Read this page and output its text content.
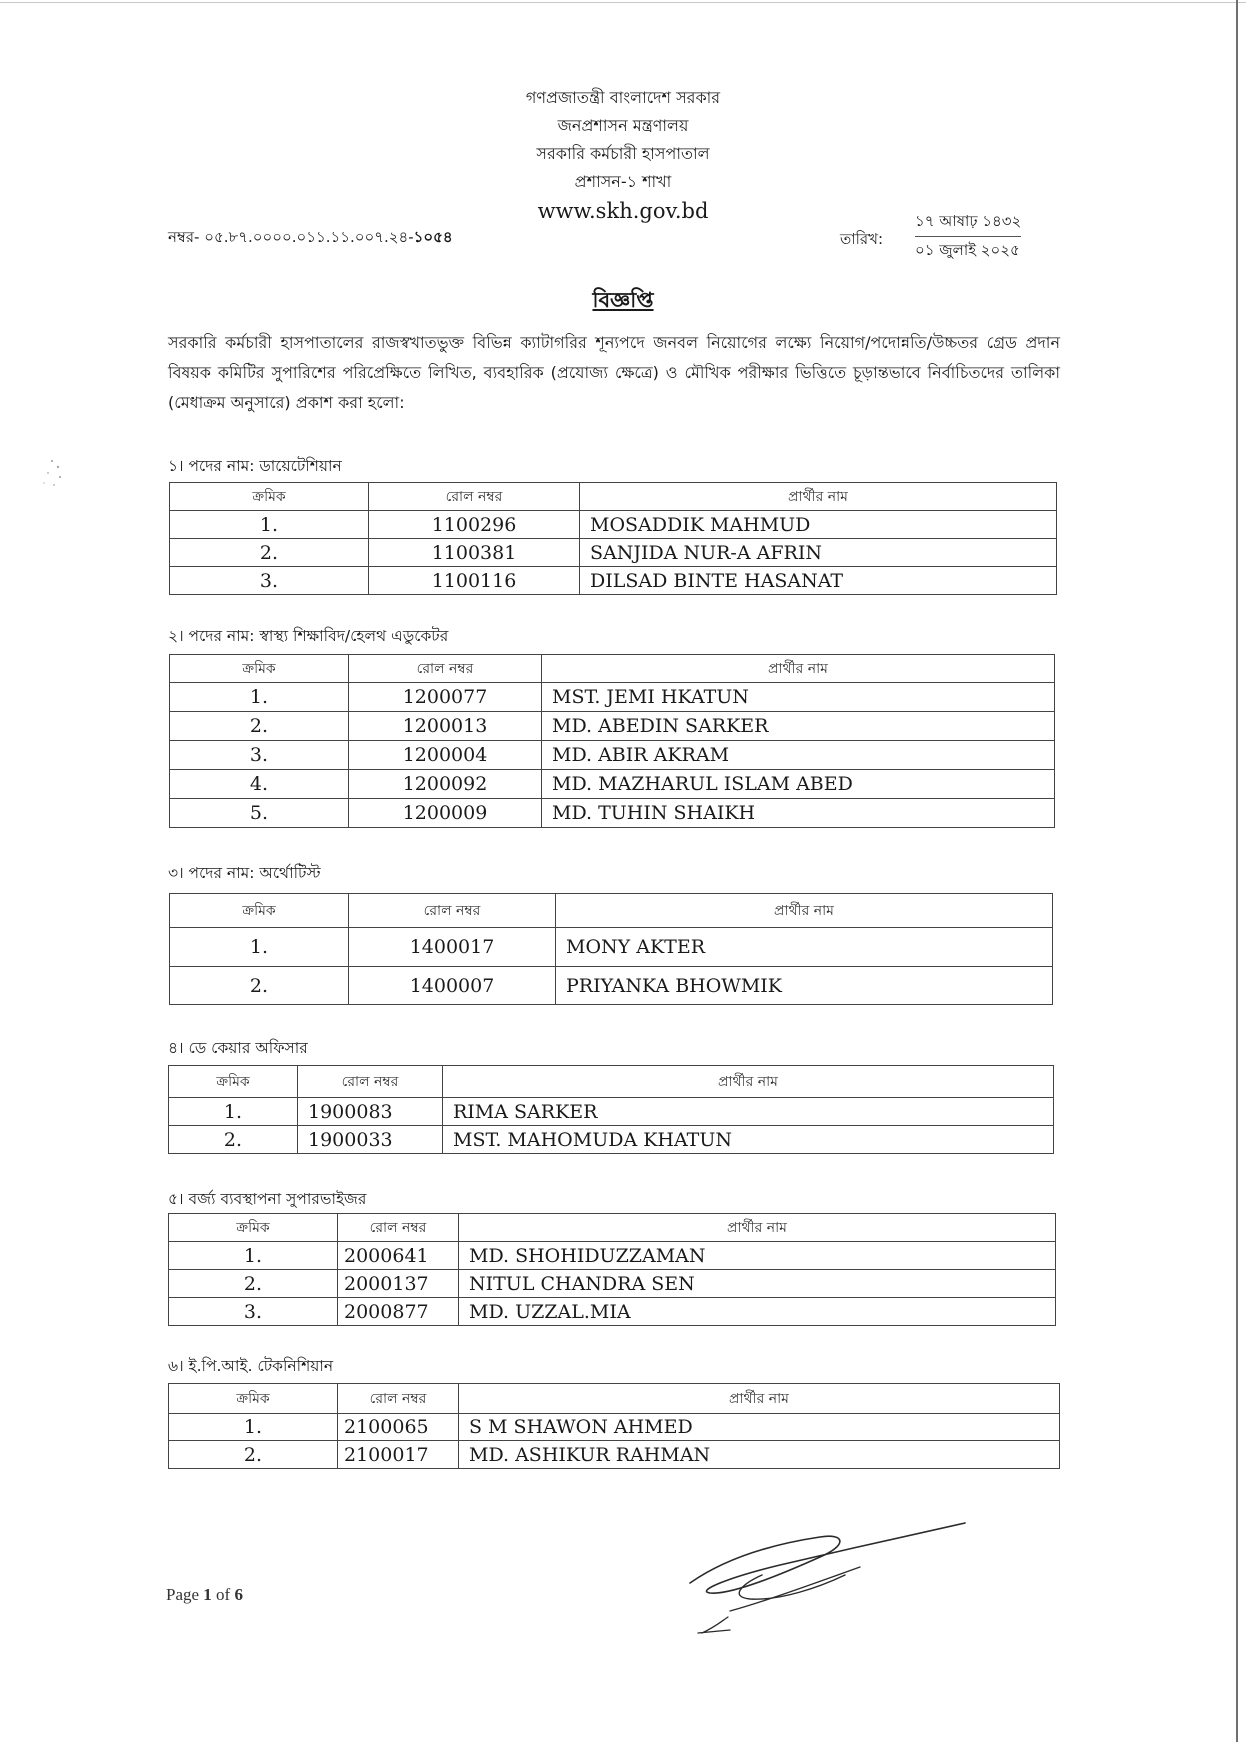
গণপ্রজাতন্ত্রী বাংলাদেশ সরকার

জনপ্রশাসন মন্ত্রণালয়

সরকারি কর্মচারী হাসপাতাল

প্রশাসন-১ শাখা

www.skh.gov.bd

নম্বর- ০৫.৮৭.০০০০.০১১.১১.০০৭.২৪-১০৫৪	তারিখ:
১৭ আষাঢ় ১৪৩২
০১ জুলাই ২০২৫
বিজ্ঞপ্তি
সরকারি কর্মচারী হাসপাতালের রাজস্বখাতভুক্ত বিভিন্ন ক্যাটাগরির শূন্যপদে জনবল নিয়োগের লক্ষ্যে নিয়োগ/পদোন্নতি/উচ্চতর গ্রেড প্রদান বিষয়ক কমিটির সুপারিশের পরিপ্রেক্ষিতে লিখিত, ব্যবহারিক (প্রযোজ্য ক্ষেত্রে) ও মৌখিক পরীক্ষার ভিত্তিতে চূড়ান্তভাবে নির্বাচিতদের তালিকা (মেধাক্রম অনুসারে) প্রকাশ করা হলো:
১। পদের নাম: ডায়েটেশিয়ান
ক্রমিক	রোল নম্বর	প্রার্থীর নাম
1.	1100296	MOSADDIK MAHMUD
2.	1100381	SANJIDA NUR-A AFRIN
3.	1100116	DILSAD BINTE HASANAT
২। পদের নাম: স্বাস্থ্য শিক্ষাবিদ/হেলথ এডুকেটর
ক্রমিক	রোল নম্বর	প্রার্থীর নাম
1.	1200077	MST. JEMI HKATUN
2.	1200013	MD. ABEDIN SARKER
3.	1200004	MD. ABIR AKRAM
4.	1200092	MD. MAZHARUL ISLAM ABED
5.	1200009	MD. TUHIN SHAIKH
৩। পদের নাম: অর্থোটিস্ট
ক্রমিক	রোল নম্বর	প্রার্থীর নাম
1.	1400017	MONY AKTER
2.	1400007	PRIYANKA BHOWMIK
৪। ডে কেয়ার অফিসার
ক্রমিক	রোল নম্বর	প্রার্থীর নাম
1.	1900083	RIMA SARKER
2.	1900033	MST. MAHOMUDA KHATUN
৫। বর্জ্য ব্যবস্থাপনা সুপারভাইজর
ক্রমিক	রোল নম্বর	প্রার্থীর নাম
1.	2000641	MD. SHOHIDUZZAMAN
2.	2000137	NITUL CHANDRA SEN
3.	2000877	MD. UZZAL.MIA
৬। ই.পি.আই. টেকনিশিয়ান
ক্রমিক	রোল নম্বর	প্রার্থীর নাম
1.	2100065	S M SHAWON AHMED
2.	2100017	MD. ASHIKUR RAHMAN
Page 1 of 6
